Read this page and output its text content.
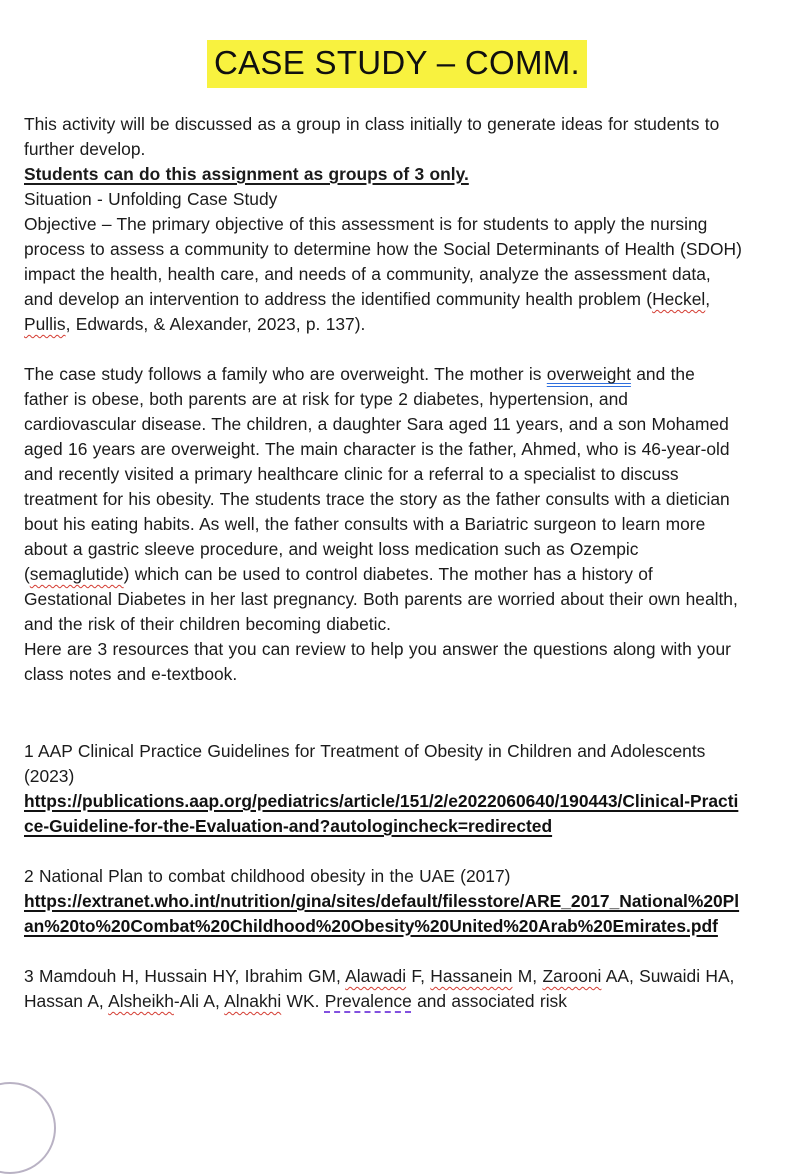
CASE STUDY – COMM.

This activity will be discussed as a group in class initially to generate ideas for students to further develop.

Students can do this assignment as groups of 3 only.

Situation - Unfolding Case Study

Objective – The primary objective of this assessment is for students to apply the nursing process to assess a community to determine how the Social Determinants of Health (SDOH) impact the health, health care, and needs of a community, analyze the assessment data, and develop an intervention to address the identified community health problem (Heckel, Pullis, Edwards, & Alexander, 2023, p. 137).

The case study follows a family who are overweight. The mother is overweight and the father is obese, both parents are at risk for type 2 diabetes, hypertension, and cardiovascular disease. The children, a daughter Sara aged 11 years, and a son Mohamed aged 16 years are overweight. The main character is the father, Ahmed, who is 46-year-old and recently visited a primary healthcare clinic for a referral to a specialist to discuss treatment for his obesity. The students trace the story as the father consults with a dietician bout his eating habits. As well, the father consults with a Bariatric surgeon to learn more about a gastric sleeve procedure, and weight loss medication such as Ozempic (semaglutide) which can be used to control diabetes. The mother has a history of Gestational Diabetes in her last pregnancy. Both parents are worried about their own health, and the risk of their children becoming diabetic.

Here are 3 resources that you can review to help you answer the questions along with your class notes and e-textbook.

1 AAP Clinical Practice Guidelines for Treatment of Obesity in Children and Adolescents (2023)

https://publications.aap.org/pediatrics/article/151/2/e2022060640/190443/Clinical-Practice-Guideline-for-the-Evaluation-and?autologincheck=redirected

2 National Plan to combat childhood obesity in the UAE (2017)

https://extranet.who.int/nutrition/gina/sites/default/filesstore/ARE_2017_National%20Plan%20to%20Combat%20Childhood%20Obesity%20United%20Arab%20Emirates.pdf

3 Mamdouh H, Hussain HY, Ibrahim GM, Alawadi F, Hassanein M, Zarooni AA, Suwaidi HA, Hassan A, Alsheikh-Ali A, Alnakhi WK. Prevalence and associated risk
